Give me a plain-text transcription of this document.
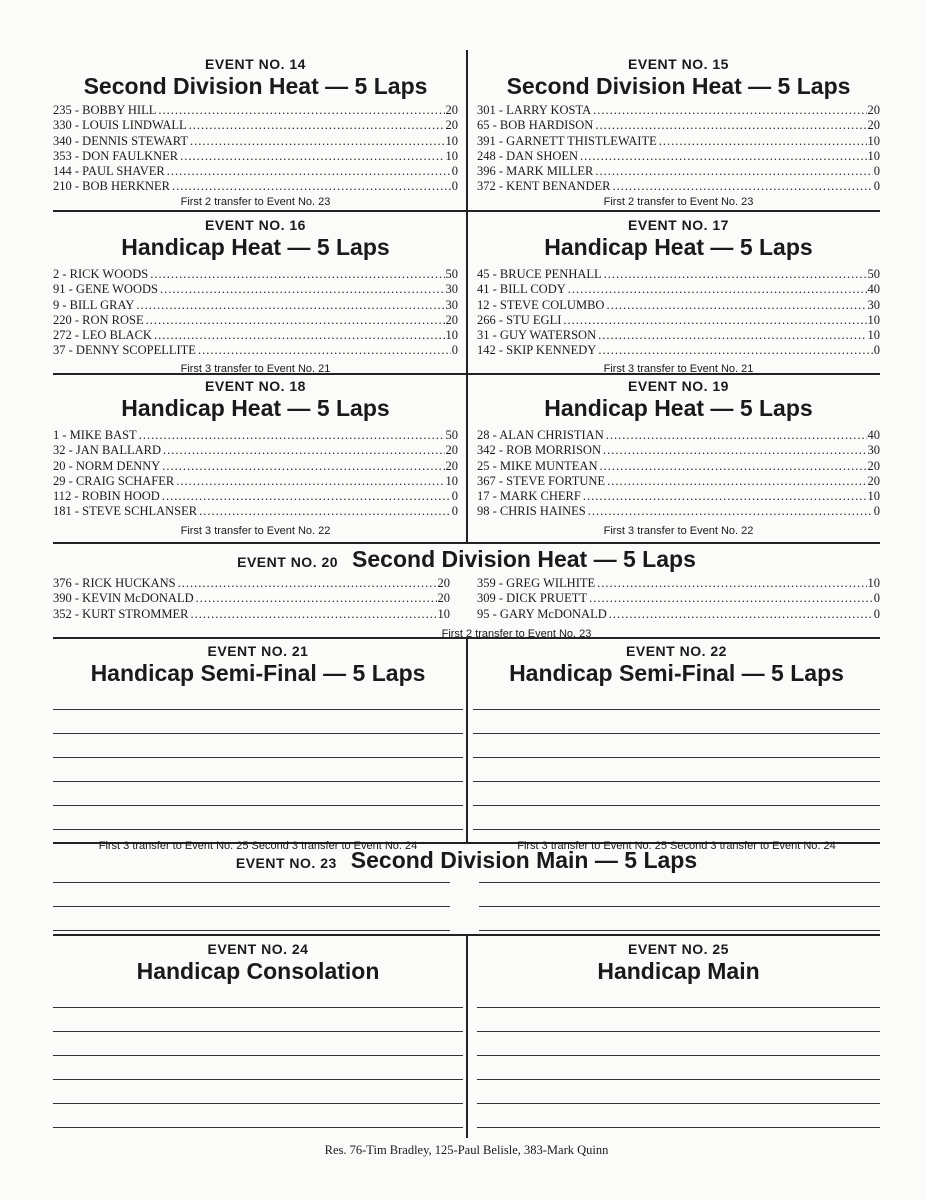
EVENT NO. 14
Second Division Heat — 5 Laps
235 - BOBBY HILL .....	20
330 - LOUIS LINDWALL .....	20
340 - DENNIS STEWART .....	10
353 - DON FAULKNER .....	10
144 - PAUL SHAVER .....	0
210 - BOB HERKNER .....	0
First 2 transfer to Event No. 23
EVENT NO. 15
Second Division Heat — 5 Laps
301 - LARRY KOSTA .....	20
65 - BOB HARDISON .....	20
391 - GARNETT THISTLEWAITE .....	10
248 - DAN SHOEN .....	10
396 - MARK MILLER .....	0
372 - KENT BENANDER .....	0
First 2 transfer to Event No. 23
EVENT NO. 16
Handicap Heat — 5 Laps
2 - RICK WOODS .....	50
91 - GENE WOODS .....	30
9 - BILL GRAY .....	30
220 - RON ROSE .....	20
272 - LEO BLACK .....	10
37 - DENNY SCOPELLITE .....	0
First 3 transfer to Event No. 21
EVENT NO. 17
Handicap Heat — 5 Laps
45 - BRUCE PENHALL .....	50
41 - BILL CODY .....	40
12 - STEVE COLUMBO .....	30
266 - STU EGLI .....	10
31 - GUY WATERSON .....	10
142 - SKIP KENNEDY .....	0
First 3 transfer to Event No. 21
EVENT NO. 18
Handicap Heat — 5 Laps
1 - MIKE BAST .....	50
32 - JAN BALLARD .....	20
20 - NORM DENNY .....	20
29 - CRAIG SCHAFER .....	10
112 - ROBIN HOOD .....	0
181 - STEVE SCHLANSER .....	0
First 3 transfer to Event No. 22
EVENT NO. 19
Handicap Heat — 5 Laps
28 - ALAN CHRISTIAN .....	40
342 - ROB MORRISON .....	30
25 - MIKE MUNTEAN .....	20
367 - STEVE FORTUNE .....	20
17 - MARK CHERF .....	10
98 - CHRIS HAINES .....	0
First 3 transfer to Event No. 22
EVENT NO. 20 Second Division Heat — 5 Laps
376 - RICK HUCKANS .....	20
390 - KEVIN McDONALD .....	20
352 - KURT STROMMER .....	10
359 - GREG WILHITE .....	10
309 - DICK PRUETT .....	0
95 - GARY McDONALD .....	0
First 2 transfer to Event No. 23
EVENT NO. 21
Handicap Semi-Final — 5 Laps
First 3 transfer to Event No. 25 Second 3 transfer to Event No. 24
EVENT NO. 22
Handicap Semi-Final — 5 Laps
First 3 transfer to Event No. 25 Second 3 transfer to Event No. 24
EVENT NO. 23 Second Division Main — 5 Laps
EVENT NO. 24
Handicap Consolation
EVENT NO. 25
Handicap Main
Res. 76-Tim Bradley, 125-Paul Belisle, 383-Mark Quinn
